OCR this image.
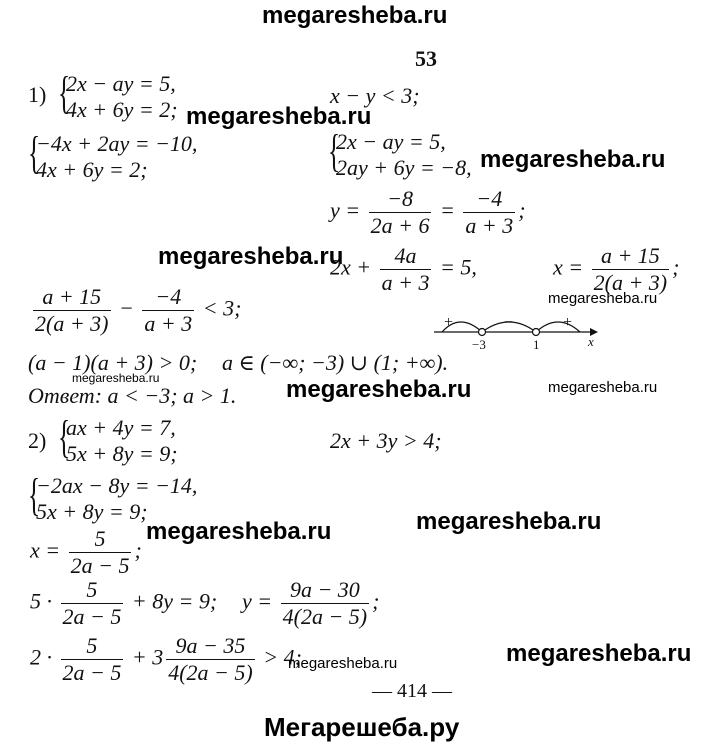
megaresheba.ru
53
1) {
2x − ay = 5,
4x + 6y = 2;
x − y < 3;
megaresheba.ru
{
−4x + 2ay = −10,
4x + 6y = 2;	{
2x − ay = 5,
2ay + 6y = −8, megaresheba.ru
$y = \frac{-8}{2a + 6} = \frac{-4}{a + 3}$ ;
megaresheba.ru
$2x + \frac{4a}{a + 3} = 5$,	$x = \frac{a + 15}{2(a + 3)}$ ;
megaresheba.ru
$\frac{a + 15}{2(a + 3)} - \frac{-4}{a + 3} < 3$;
+	−	+
−3	1	x
(a − 1)(a + 3) > 0; a ∈ (−∞; −3) ∪ (1; +∞).
megaresheba.ru
Ответ: a < −3; a > 1. megaresheba.ru	megaresheba.ru
2) {
ax + 4y = 7,
5x + 8y = 9;
2x + 3y > 4;
{
−2ax − 8y = −14,
5x + 8y = 9;
megaresheba.ru	megaresheba.ru
$x = \frac{5}{2a - 5}$ ;
$5 \cdot \frac{5}{2a - 5} + 8y = 9$; $y = \frac{9a - 30}{4(2a - 5)}$ ;
$2 \cdot \frac{5}{2a - 5} + 3 \frac{9a - 35}{4(2a - 5)} > 4$;	megaresheba.ru
megaresheba.ru
— 414 —
Мегарешеба.ру
